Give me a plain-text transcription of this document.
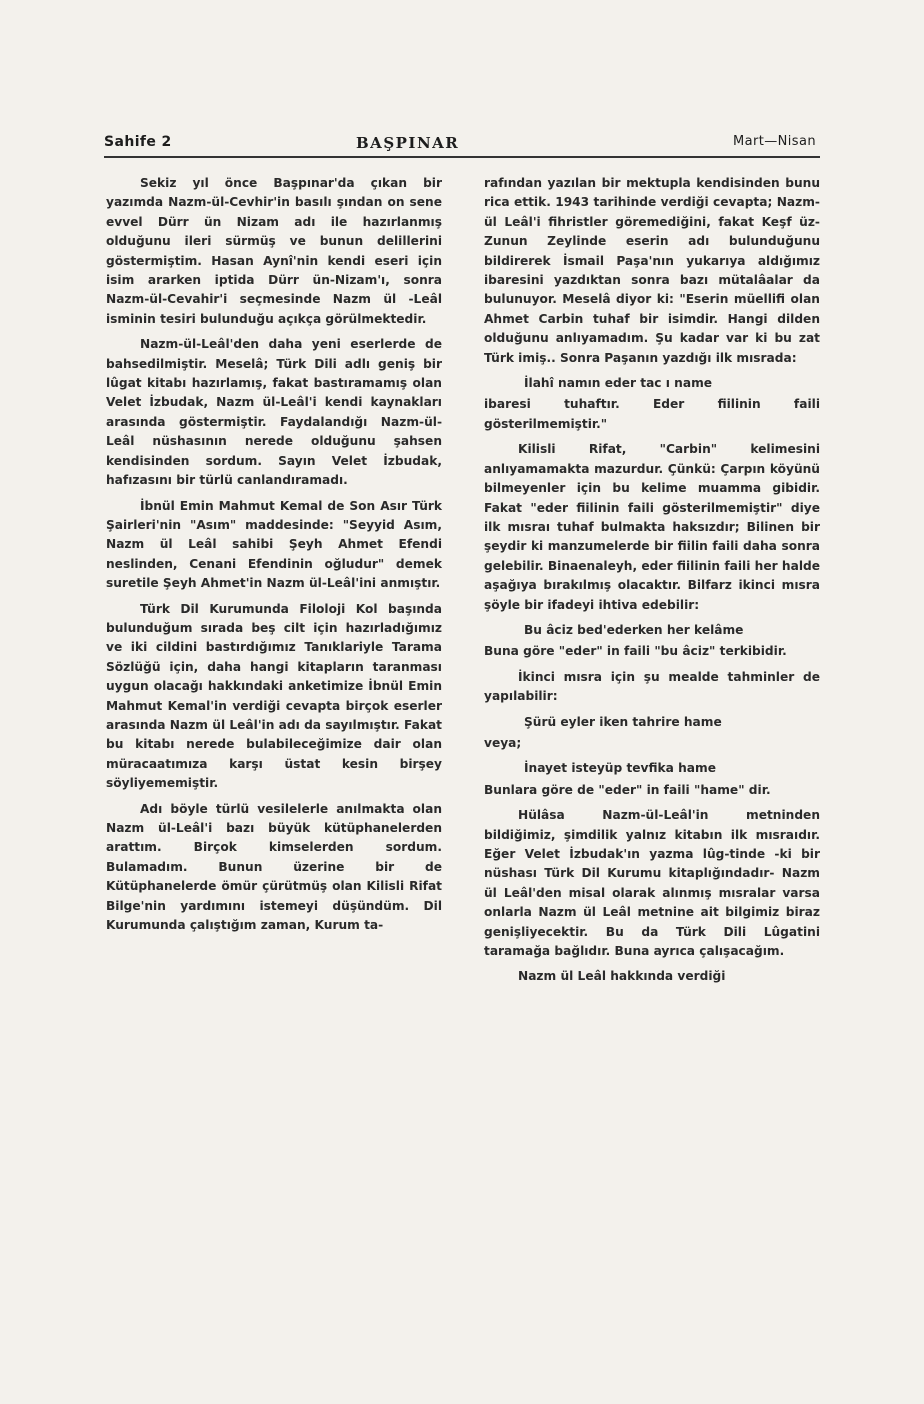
Sahife 2	BAŞPINAR	Mart—Nisan

Sekiz yıl önce Başpınar'da çıkan bir yazımda Nazm-ül-Cevhir'in basılı şından on sene evvel Dürr ün Nizam adı ile hazırlanmış olduğunu ileri sürmüş ve bunun delillerini göstermiştim. Hasan Aynî'nin kendi eseri için isim ararken iptida Dürr ün-Nizam'ı, sonra Nazm-ül-Cevahir'i seçmesinde Nazm ül -Leâl isminin tesiri bulunduğu açıkça görülmektedir.

Nazm-ül-Leâl'den daha yeni eserlerde de bahsedilmiştir. Meselâ; Türk Dili adlı geniş bir lûgat kitabı hazırlamış, fakat bastıramamış olan Velet İzbudak, Nazm ül-Leâl'i kendi kaynakları arasında göstermiştir. Faydalandığı Nazm-ül-Leâl nüshasının nerede olduğunu şahsen kendisinden sordum. Sayın Velet İzbudak, hafızasını bir türlü canlandıramadı.

İbnül Emin Mahmut Kemal de Son Asır Türk Şairleri'nin "Asım" maddesinde: "Seyyid Asım, Nazm ül Leâl sahibi Şeyh Ahmet Efendi neslinden, Cenani Efendinin oğludur" demek suretile Şeyh Ahmet'in Nazm ül-Leâl'ini anmıştır.

Türk Dil Kurumunda Filoloji Kol başında bulunduğum sırada beş cilt için hazırladığımız ve iki cildini bastırdığımız Tanıklariyle Tarama Sözlüğü için, daha hangi kitapların taranması uygun olacağı hakkındaki anketimize İbnül Emin Mahmut Kemal'in verdiği cevapta birçok eserler arasında Nazm ül Leâl'in adı da sayılmıştır. Fakat bu kitabı nerede bulabileceğimize dair olan müracaatımıza karşı üstat kesin birşey söyliyememiştir.

Adı böyle türlü vesilelerle anılmakta olan Nazm ül-Leâl'i bazı büyük kütüphanelerden arattım. Birçok kimselerden sordum. Bulamadım. Bunun üzerine bir de Kütüphanelerde ömür çürütmüş olan Kilisli Rifat Bilge'nin yardımını istemeyi düşündüm. Dil Kurumunda çalıştığım zaman, Kurum ta-

rafından yazılan bir mektupla kendisinden bunu rica ettik. 1943 tarihinde verdiği cevapta; Nazm-ül Leâl'i fihristler göremediğini, fakat Keşf üz-Zunun Zeylinde eserin adı bulunduğunu bildirerek İsmail Paşa'nın yukarıya aldığımız ibaresini yazdıktan sonra bazı mütalâalar da bulunuyor. Meselâ diyor ki: "Eserin müellifi olan Ahmet Carbin tuhaf bir isimdir. Hangi dilden olduğunu anlıyamadım. Şu kadar var ki bu zat Türk imiş.. Sonra Paşanın yazdığı ilk mısrada:

İlahî namın eder tac ı name

ibaresi tuhaftır. Eder fiilinin faili gösterilmemiştir."

Kilisli Rifat, "Carbin" kelimesini anlıyamamakta mazurdur. Çünkü: Çarpın köyünü bilmeyenler için bu kelime muamma gibidir. Fakat "eder fiilinin faili gösterilmemiştir" diye ilk mısraı tuhaf bulmakta haksızdır; Bilinen bir şeydir ki manzumelerde bir fiilin faili daha sonra gelebilir. Binaenaleyh, eder fiilinin faili her halde aşağıya bırakılmış olacaktır. Bilfarz ikinci mısra şöyle bir ifadeyi ihtiva edebilir:

Bu âciz bed'ederken her kelâme

Buna göre "eder" in faili "bu âciz" terkibidir.

İkinci mısra için şu mealde tahminler de yapılabilir:

Şürü eyler iken tahrire hame

veya;

İnayet isteyüp tevfika hame

Bunlara göre de "eder" in faili "hame" dir.

Hülâsa Nazm-ül-Leâl'in metninden bildiğimiz, şimdilik yalnız kitabın ilk mısraıdır. Eğer Velet İzbudak'ın yazma lûg-tinde -ki bir nüshası Türk Dil Kurumu kitaplığındadır- Nazm ül Leâl'den misal olarak alınmış mısralar varsa onlarla Nazm ül Leâl metnine ait bilgimiz biraz genişliyecektir. Bu da Türk Dili Lûgatini taramağa bağlıdır. Buna ayrıca çalışacağım.

Nazm ül Leâl hakkında verdiği
